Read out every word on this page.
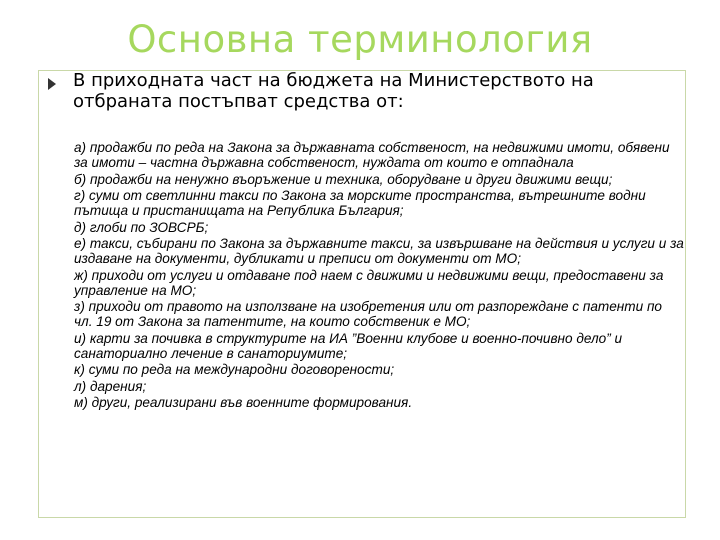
Основна терминология

В приходната част на бюджета на Министерството на отбраната постъпват средства от:

а) продажби по реда на Закона за държавната собственост, на недвижими имоти, обявени за имоти – частна държавна собственост, нуждата от които е отпаднала
б) продажби на ненужно въоръжение и техника, оборудване и други движими вещи;
г) суми от светлинни такси по Закона за морските пространства, вътрешните водни пътища и пристанищата на Република България;
д) глоби по ЗОВСРБ;
е) такси, събирани по Закона за държавните такси, за извършване на действия и услуги и за издаване на документи, дубликати и преписи от документи от МО;
ж) приходи от услуги и отдаване под наем с движими и недвижими вещи, предоставени за управление на МО;
з) приходи от правото на използване на изобретения или от разпореждане с патенти по чл. 19 от Закона за патентите, на които собственик е МО;
и) карти за почивка в структурите на ИА ”Военни клубове и военно-почивно дело” и санаториално лечение в санаториумите;
к) суми по реда на международни договорености;
л) дарения;
м) други, реализирани във военните формирования.
